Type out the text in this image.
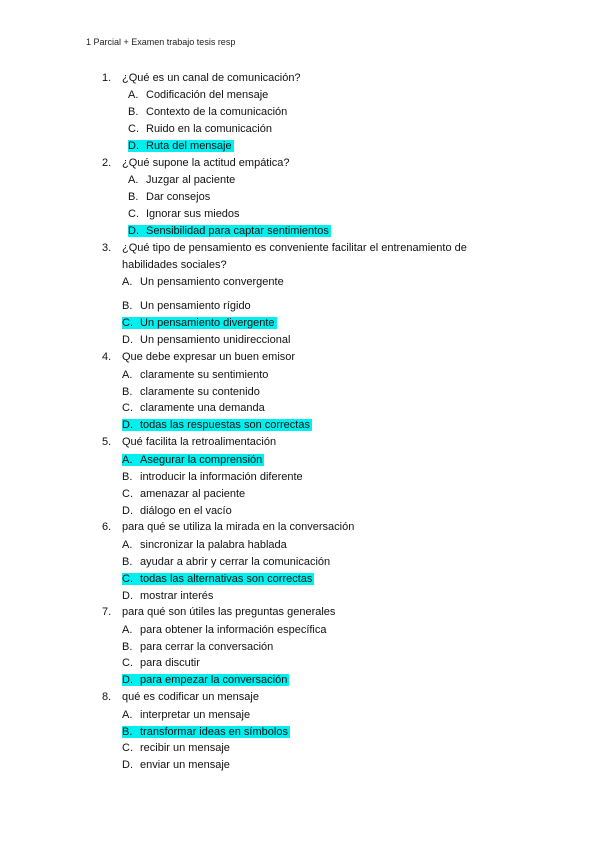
1 Parcial + Examen trabajo tesis resp
1. ¿Qué es un canal de comunicación?
A. Codificación del mensaje
B. Contexto de la comunicación
C. Ruido en la comunicación
D. Ruta del mensaje
2. ¿Qué supone la actitud empática?
A. Juzgar al paciente
B. Dar consejos
C. Ignorar sus miedos
D. Sensibilidad para captar sentimientos
3. ¿Qué tipo de pensamiento es conveniente facilitar el entrenamiento de
habilidades sociales?
A. Un pensamiento convergente
B. Un pensamiento rígido
C. Un pensamiento divergente
D. Un pensamiento unidireccional
4. Que debe expresar un buen emisor
A. claramente su sentimiento
B. claramente su contenido
C. claramente una demanda
D. todas las respuestas son correctas
5. Qué facilita la retroalimentación
A. Asegurar la comprensión
B. introducir la información diferente
C. amenazar al paciente
D. diálogo en el vacío
6. para qué se utiliza la mirada en la conversación
A. sincronizar la palabra hablada
B. ayudar a abrir y cerrar la comunicación
C. todas las alternativas son correctas
D. mostrar interés
7. para qué son útiles las preguntas generales
A. para obtener la información específica
B. para cerrar la conversación
C. para discutir
D. para empezar la conversación
8. qué es codificar un mensaje
A. interpretar un mensaje
B. transformar ideas en símbolos
C. recibir un mensaje
D. enviar un mensaje
